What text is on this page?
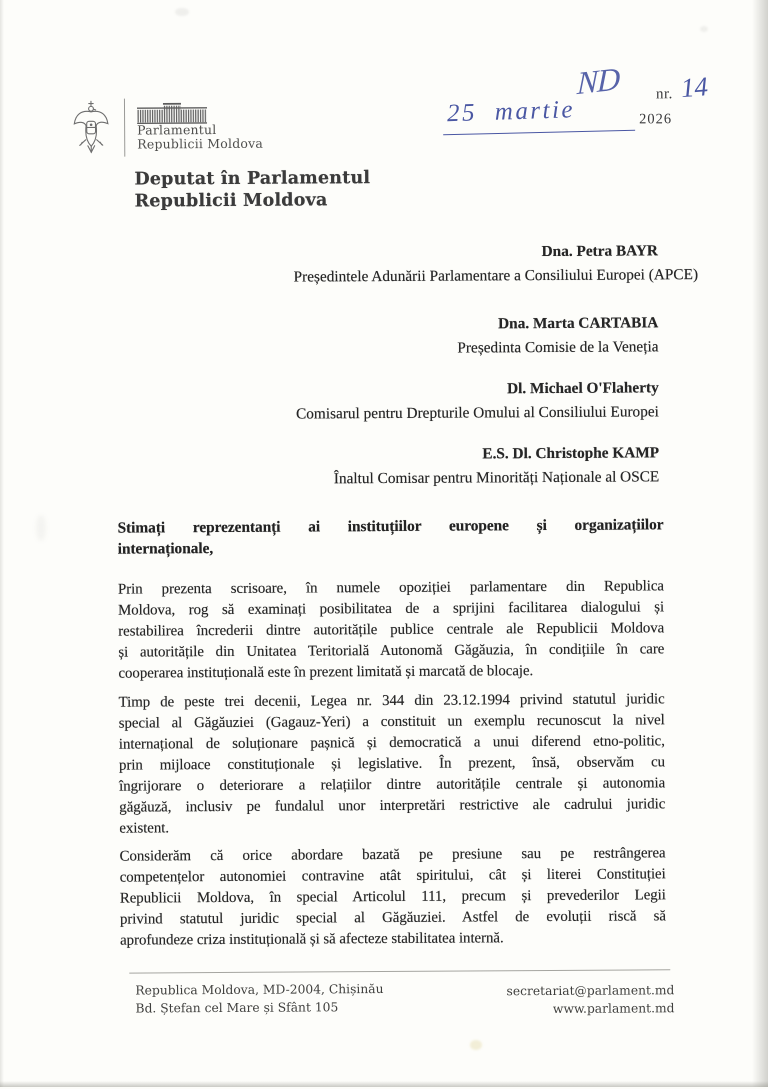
Parlamentul
Republicii Moldova
ND nr. 14
25 martie	2026
Deputat în Parlamentul
Republicii Moldova
Dna. Petra BAYR
Președintele Adunării Parlamentare a Consiliului Europei (APCE)
Dna. Marta CARTABIA
Președinta Comisie de la Veneția
Dl. Michael O'Flaherty
Comisarul pentru Drepturile Omului al Consiliului Europei
E.S. Dl. Christophe KAMP
Înaltul Comisar pentru Minorități Naționale al OSCE
Stimați reprezentanți ai instituțiilor europene și organizațiilor
internaționale,
Prin prezenta scrisoare, în numele opoziției parlamentare din Republica
Moldova, rog să examinați posibilitatea de a sprijini facilitarea dialogului și
restabilirea încrederii dintre autoritățile publice centrale ale Republicii Moldova
și autoritățile din Unitatea Teritorială Autonomă Găgăuzia, în condițiile în care
cooperarea instituțională este în prezent limitată și marcată de blocaje.
Timp de peste trei decenii, Legea nr. 344 din 23.12.1994 privind statutul juridic
special al Găgăuziei (Gagauz-Yeri) a constituit un exemplu recunoscut la nivel
internațional de soluționare pașnică și democratică a unui diferend etno-politic,
prin mijloace constituționale și legislative. În prezent, însă, observăm cu
îngrijorare o deteriorare a relațiilor dintre autoritățile centrale și autonomia
găgăuză, inclusiv pe fundalul unor interpretări restrictive ale cadrului juridic
existent.
Considerăm că orice abordare bazată pe presiune sau pe restrângerea
competențelor autonomiei contravine atât spiritului, cât și literei Constituției
Republicii Moldova, în special Articolul 111, precum și prevederilor Legii
privind statutul juridic special al Găgăuziei. Astfel de evoluții riscă să
aprofundeze criza instituțională și să afecteze stabilitatea internă.
Republica Moldova, MD-2004, Chișinău
Bd. Ștefan cel Mare și Sfânt 105
secretariat@parlament.md
www.parlament.md
